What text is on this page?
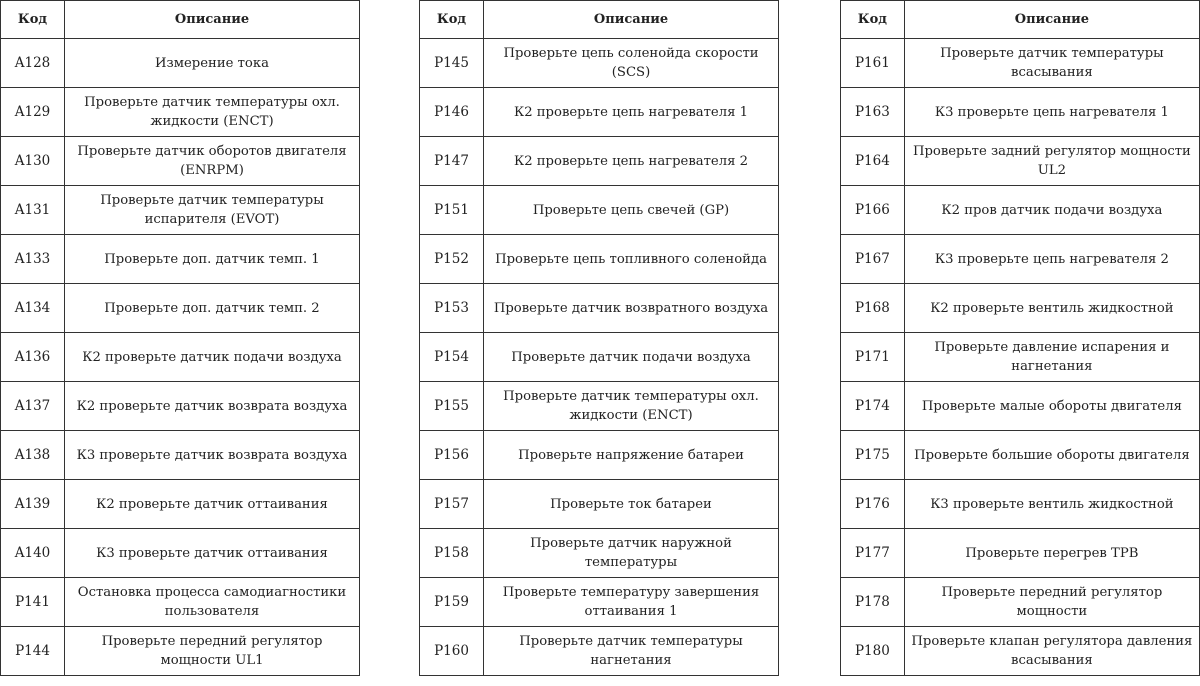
Код	Описание
A128	Измерение тока
A129	Проверьте датчик температуры охл. жидкости (ENCT)
A130	Проверьте датчик оборотов двигателя (ENRPM)
A131	Проверьте датчик температуры испарителя (EVOT)
A133	Проверьте доп. датчик темп. 1
A134	Проверьте доп. датчик темп. 2
A136	К2 проверьте датчик подачи воздуха
A137	К2 проверьте датчик возврата воздуха
A138	К3 проверьте датчик возврата воздуха
A139	К2 проверьте датчик оттаивания
A140	К3 проверьте датчик оттаивания
P141	Остановка процесса самодиагностики пользователя
P144	Проверьте передний регулятор мощности UL1
Код	Описание
P145	Проверьте цепь соленойда скорости (SCS)
P146	К2 проверьте цепь нагревателя 1
P147	К2 проверьте цепь нагревателя 2
P151	Проверьте цепь свечей (GP)
P152	Проверьте цепь топливного соленойда
P153	Проверьте датчик возвратного воздуха
P154	Проверьте датчик подачи воздуха
P155	Проверьте датчик температуры охл. жидкости (ENCT)
P156	Проверьте напряжение батареи
P157	Проверьте ток батареи
P158	Проверьте датчик наружной температуры
P159	Проверьте температуру завершения оттаивания 1
P160	Проверьте датчик температуры нагнетания
Код	Описание
P161	Проверьте датчик температуры всасывания
P163	К3 проверьте цепь нагревателя 1
P164	Проверьте задний регулятор мощности UL2
P166	К2 пров датчик подачи воздуха
P167	К3 проверьте цепь нагревателя 2
P168	К2 проверьте вентиль жидкостной
P171	Проверьте давление испарения и нагнетания
P174	Проверьте малые обороты двигателя
P175	Проверьте большие обороты двигателя
P176	К3 проверьте вентиль жидкостной
P177	Проверьте перегрев ТРВ
P178	Проверьте передний регулятор мощности
P180	Проверьте клапан регулятора давления всасывания
